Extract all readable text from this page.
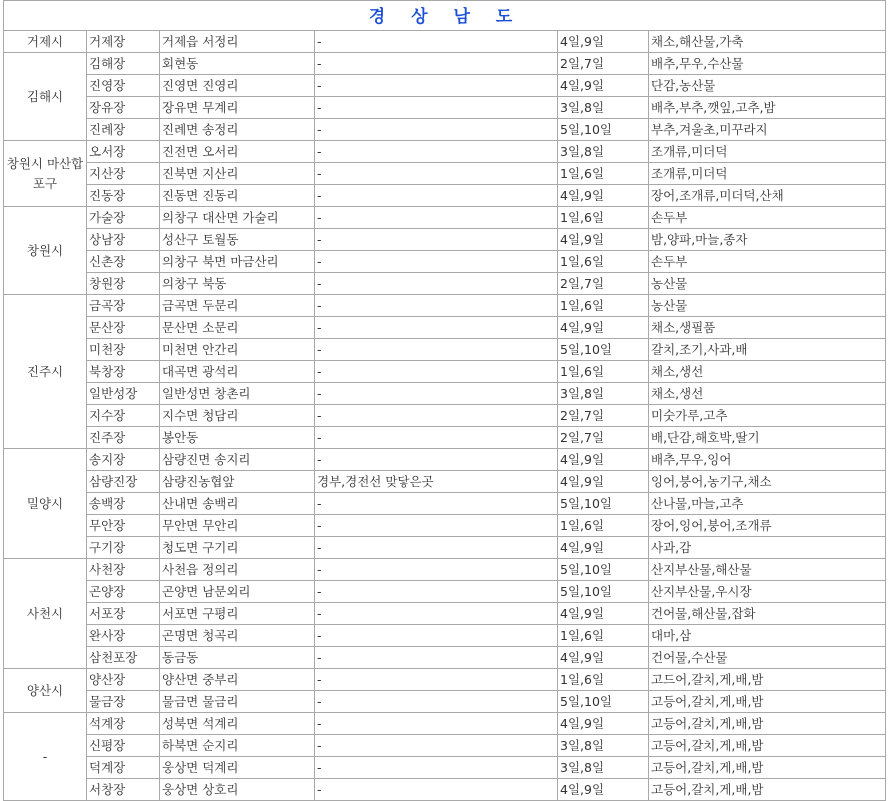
경 상 남 도					
거제시	거제장	거제읍 서정리	-	4일,9일	채소,해산물,가축
김해시	김해장	회현동	-	2일,7일	배추,무우,수산물
	진영장	진영면 진영리	-	4일,9일	단감,농산물
	장유장	장유면 무계리	-	3일,8일	배추,부추,깻잎,고추,밤
	진례장	진례면 송정리	-	5일,10일	부추,겨울초,미꾸라지
창원시 마산합포구	오서장	진전면 오서리	-	3일,8일	조개류,미더덕
	지산장	진북면 지산리	-	1일,6일	조개류,미더덕
	진동장	진동면 진동리	-	4일,9일	장어,조개류,미더덕,산채
창원시	가술장	의창구 대산면 가술리	-	1일,6일	손두부
	상남장	성산구 토월동	-	4일,9일	밤,양파,마늘,종자
	신촌장	의창구 북면 마금산리	-	1일,6일	손두부
	창원장	의창구 북동	-	2일,7일	농산물
진주시	금곡장	금곡면 두문리	-	1일,6일	농산물
	문산장	문산면 소문리	-	4일,9일	채소,생필품
	미천장	미천면 안간리	-	5일,10일	갈치,조기,사과,배
	북창장	대곡면 광석리	-	1일,6일	채소,생선
	일반성장	일반성면 창촌리	-	3일,8일	채소,생선
	지수장	지수면 청담리	-	2일,7일	미숫가루,고추
	진주장	봉안동	-	2일,7일	배,단감,해호박,딸기
밀양시	송지장	삼량진면 송지리	-	4일,9일	배추,무우,잉어
	삼량진장	삼량진농협앞	경부,경전선 맞닿은곳	4일,9일	잉어,붕어,농기구,채소
	송백장	산내면 송백리	-	5일,10일	산나물,마늘,고추
	무안장	무안면 무안리	-	1일,6일	장어,잉어,붕어,조개류
	구기장	청도면 구기리	-	4일,9일	사과,감
사천시	사천장	사천읍 정의리	-	5일,10일	산지부산물,해산물
	곤양장	곤양면 남문외리	-	5일,10일	산지부산물,우시장
	서포장	서포면 구평리	-	4일,9일	건어물,해산물,잡화
	완사장	곤명면 청곡리	-	1일,6일	대마,삼
	삼천포장	동금동	-	4일,9일	건어물,수산물
양산시	양산장	양산면 중부리	-	1일,6일	고드어,갈치,게,배,밤
	물금장	물금면 물금리	-	5일,10일	고등어,갈치,게,배,밤
-	석계장	성북면 석계리	-	4일,9일	고등어,갈치,게,배,밤
	신평장	하북면 순지리	-	3일,8일	고등어,갈치,게,배,밤
	덕계장	웅상면 덕계리	-	3일,8일	고등어,갈치,게,배,밤
	서창장	웅상면 상호리	-	4일,9일	고등어,갈치,게,배,밤
